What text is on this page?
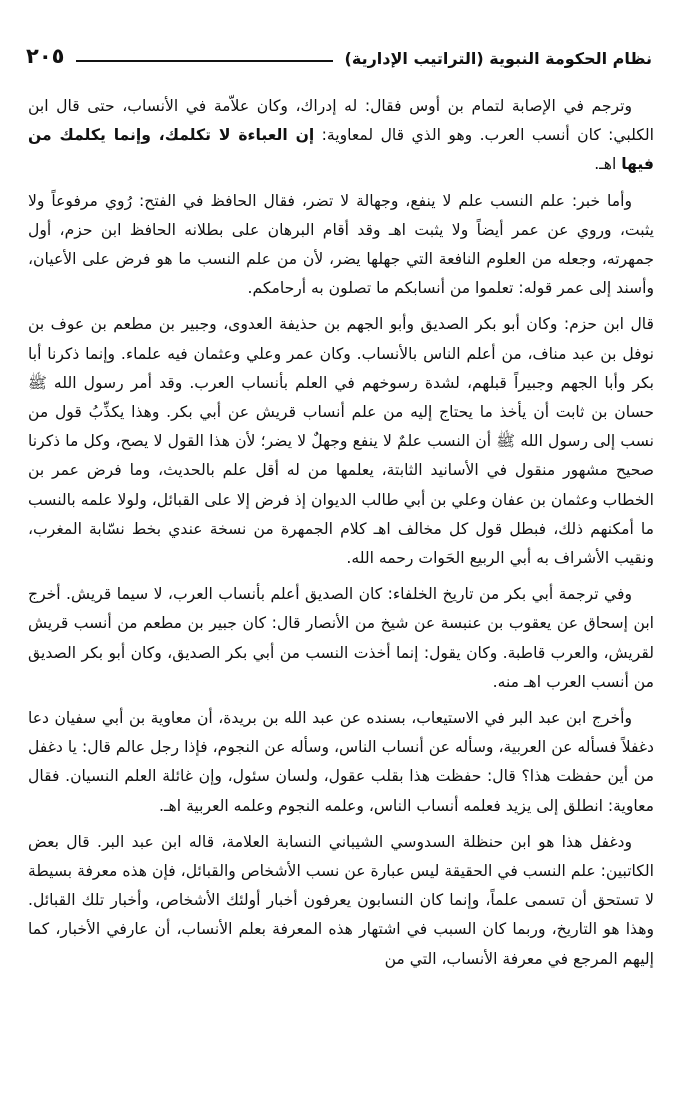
نظام الحكومة النبوية (التراتيب الإدارية)
٢٠٥

وترجم في الإصابة لتمام بن أوس فقال: له إدراك، وكان علاّمة في الأنساب، حتى قال ابن الكلبي: كان أنسب العرب. وهو الذي قال لمعاوية: إن العباءة لا تكلمك، وإنما يكلمك من فيها اهـ.

وأما خبر: علم النسب علم لا ينفع، وجهالة لا تضر، فقال الحافظ في الفتح: رُوي مرفوعاً ولا يثبت، وروي عن عمر أيضاً ولا يثبت اهـ وقد أقام البرهان على بطلانه الحافظ ابن حزم، أول جمهرته، وجعله من العلوم النافعة التي جهلها يضر، لأن من علم النسب ما هو فرض على الأعيان، وأسند إلى عمر قوله: تعلموا من أنسابكم ما تصلون به أرحامكم.

قال ابن حزم: وكان أبو بكر الصديق وأبو الجهم بن حذيفة العدوى، وجبير بن مطعم بن عوف بن نوفل بن عبد مناف، من أعلم الناس بالأنساب. وكان عمر وعلي وعثمان فيه علماء. وإنما ذكرنا أبا بكر وأبا الجهم وجبيراً قبلهم، لشدة رسوخهم في العلم بأنساب العرب. وقد أمر رسول الله ﷺ حسان بن ثابت أن يأخذ ما يحتاج إليه من علم أنساب قريش عن أبي بكر. وهذا يكذِّبُ قول من نسب إلى رسول الله ﷺ أن النسب علمٌ لا ينفع وجهلٌ لا يضر؛ لأن هذا القول لا يصح، وكل ما ذكرنا صحيح مشهور منقول في الأسانيد الثابتة، يعلمها من له أقل علم بالحديث، وما فرض عمر بن الخطاب وعثمان بن عفان وعلي بن أبي طالب الديوان إذ فرض إلا على القبائل، ولولا علمه بالنسب ما أمكنهم ذلك، فبطل قول كل مخالف اهـ كلام الجمهرة من نسخة عندي بخط نسّابة المغرب، ونقيب الأشراف به أبي الربيع الحَوات رحمه الله.

وفي ترجمة أبي بكر من تاريخ الخلفاء: كان الصديق أعلم بأنساب العرب، لا سيما قريش. أخرج ابن إسحاق عن يعقوب بن عنبسة عن شيخ من الأنصار قال: كان جبير بن مطعم من أنسب قريش لقريش، والعرب قاطبة. وكان يقول: إنما أخذت النسب من أبي بكر الصديق، وكان أبو بكر الصديق من أنسب العرب اهـ منه.

وأخرج ابن عبد البر في الاستيعاب، بسنده عن عبد الله بن بريدة، أن معاوية بن أبي سفيان دعا دغفلاً فسأله عن العربية، وسأله عن أنساب الناس، وسأله عن النجوم، فإذا رجل عالم قال: يا دغفل من أين حفظت هذا؟ قال: حفظت هذا بقلب عقول، ولسان سئول، وإن غائلة العلم النسيان. فقال معاوية: انطلق إلى يزيد فعلمه أنساب الناس، وعلمه النجوم وعلمه العربية اهـ.

ودغفل هذا هو ابن حنظلة السدوسي الشيباني النسابة العلامة، قاله ابن عبد البر. قال بعض الكاتبين: علم النسب في الحقيقة ليس عبارة عن نسب الأشخاص والقبائل، فإن هذه معرفة بسيطة لا تستحق أن تسمى علماً، وإنما كان النسابون يعرفون أخبار أولئك الأشخاص، وأخبار تلك القبائل. وهذا هو التاريخ، وربما كان السبب في اشتهار هذه المعرفة بعلم الأنساب، أن عارفي الأخبار، كما إليهم المرجع في معرفة الأنساب، التي من
